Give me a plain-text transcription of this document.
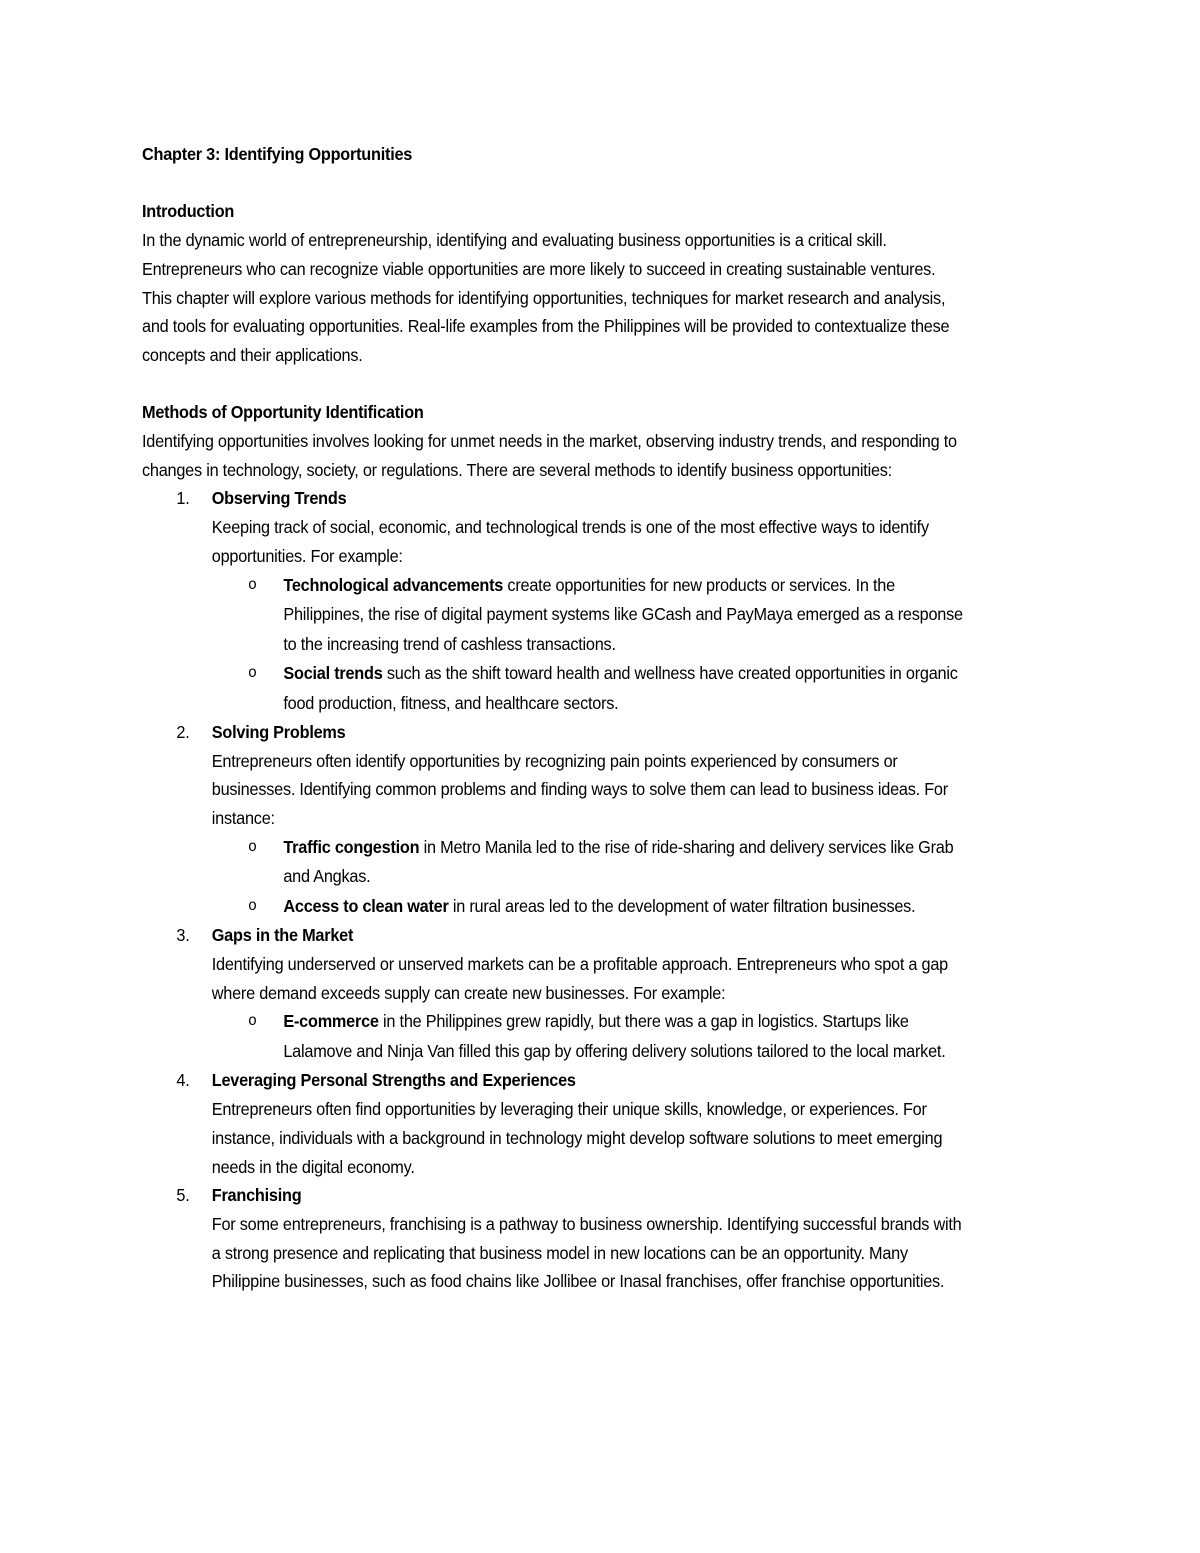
Chapter 3: Identifying Opportunities
Introduction
In the dynamic world of entrepreneurship, identifying and evaluating business opportunities is a critical skill.
Entrepreneurs who can recognize viable opportunities are more likely to succeed in creating sustainable ventures.
This chapter will explore various methods for identifying opportunities, techniques for market research and analysis,
and tools for evaluating opportunities. Real-life examples from the Philippines will be provided to contextualize these
concepts and their applications.
Methods of Opportunity Identification
Identifying opportunities involves looking for unmet needs in the market, observing industry trends, and responding to
changes in technology, society, or regulations. There are several methods to identify business opportunities:
1. Observing Trends
Keeping track of social, economic, and technological trends is one of the most effective ways to identify
opportunities. For example:
o Technological advancements create opportunities for new products or services. In the
Philippines, the rise of digital payment systems like GCash and PayMaya emerged as a response
to the increasing trend of cashless transactions.
o Social trends such as the shift toward health and wellness have created opportunities in organic
food production, fitness, and healthcare sectors.
2. Solving Problems
Entrepreneurs often identify opportunities by recognizing pain points experienced by consumers or
businesses. Identifying common problems and finding ways to solve them can lead to business ideas. For
instance:
o Traffic congestion in Metro Manila led to the rise of ride-sharing and delivery services like Grab
and Angkas.
o Access to clean water in rural areas led to the development of water filtration businesses.
3. Gaps in the Market
Identifying underserved or unserved markets can be a profitable approach. Entrepreneurs who spot a gap
where demand exceeds supply can create new businesses. For example:
o E-commerce in the Philippines grew rapidly, but there was a gap in logistics. Startups like
Lalamove and Ninja Van filled this gap by offering delivery solutions tailored to the local market.
4. Leveraging Personal Strengths and Experiences
Entrepreneurs often find opportunities by leveraging their unique skills, knowledge, or experiences. For
instance, individuals with a background in technology might develop software solutions to meet emerging
needs in the digital economy.
5. Franchising
For some entrepreneurs, franchising is a pathway to business ownership. Identifying successful brands with
a strong presence and replicating that business model in new locations can be an opportunity. Many
Philippine businesses, such as food chains like Jollibee or Inasal franchises, offer franchise opportunities.
